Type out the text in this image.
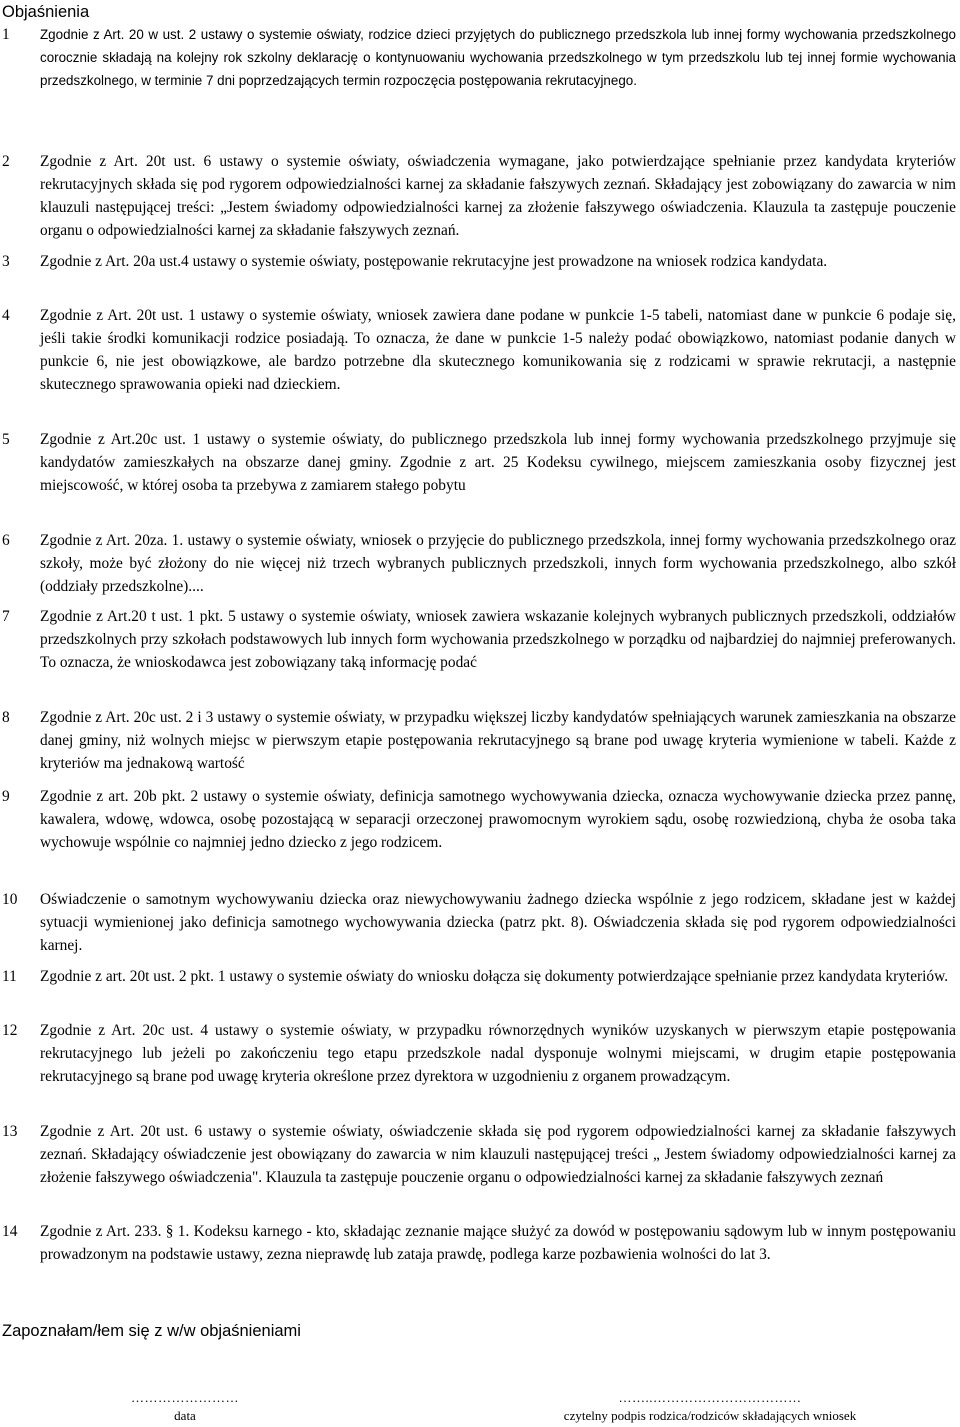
Objaśnienia
1	Zgodnie z Art. 20 w ust. 2 ustawy o systemie oświaty, rodzice dzieci przyjętych do publicznego przedszkola lub innej formy wychowania przedszkolnego corocznie składają na kolejny rok szkolny deklarację o kontynuowaniu wychowania przedszkolnego w tym przedszkolu lub tej innej formie wychowania przedszkolnego, w terminie 7 dni poprzedzających termin rozpoczęcia postępowania rekrutacyjnego.

2	Zgodnie z Art. 20t ust. 6 ustawy o systemie oświaty, oświadczenia wymagane, jako potwierdzające spełnianie przez kandydata kryteriów rekrutacyjnych składa się pod rygorem odpowiedzialności karnej za składanie fałszywych zeznań. Składający jest zobowiązany do zawarcia w nim klauzuli następującej treści: „Jestem świadomy odpowiedzialności karnej za złożenie fałszywego oświadczenia. Klauzula ta zastępuje pouczenie organu o odpowiedzialności karnej za składanie fałszywych zeznań.

3	Zgodnie z Art. 20a ust.4 ustawy o systemie oświaty, postępowanie rekrutacyjne jest prowadzone na wniosek rodzica kandydata.

4	Zgodnie z Art. 20t ust. 1 ustawy o systemie oświaty, wniosek zawiera dane podane w punkcie 1-5 tabeli, natomiast dane w punkcie 6 podaje się, jeśli takie środki komunikacji rodzice posiadają. To oznacza, że dane w punkcie 1-5 należy podać obowiązkowo, natomiast podanie danych w punkcie 6, nie jest obowiązkowe, ale bardzo potrzebne dla skutecznego komunikowania się z rodzicami w sprawie rekrutacji, a następnie skutecznego sprawowania opieki nad dzieckiem.

5	Zgodnie z Art.20c ust. 1 ustawy o systemie oświaty, do publicznego przedszkola lub innej formy wychowania przedszkolnego przyjmuje się kandydatów zamieszkałych na obszarze danej gminy. Zgodnie z art. 25 Kodeksu cywilnego, miejscem zamieszkania osoby fizycznej jest miejscowość, w której osoba ta przebywa z zamiarem stałego pobytu

6	Zgodnie z Art. 20za. 1. ustawy o systemie oświaty, wniosek o przyjęcie do publicznego przedszkola, innej formy wychowania przedszkolnego oraz szkoły, może być złożony do nie więcej niż trzech wybranych publicznych przedszkoli, innych form wychowania przedszkolnego, albo szkół (oddziały przedszkolne)....

7	Zgodnie z Art.20 t ust. 1 pkt. 5 ustawy o systemie oświaty, wniosek zawiera wskazanie kolejnych wybranych publicznych przedszkoli, oddziałów przedszkolnych przy szkołach podstawowych lub innych form wychowania przedszkolnego w porządku od najbardziej do najmniej preferowanych. To oznacza, że wnioskodawca jest zobowiązany taką informację podać

8	Zgodnie z Art. 20c ust. 2 i 3 ustawy o systemie oświaty, w przypadku większej liczby kandydatów spełniających warunek zamieszkania na obszarze danej gminy, niż wolnych miejsc w pierwszym etapie postępowania rekrutacyjnego są brane pod uwagę kryteria wymienione w tabeli. Każde z kryteriów ma jednakową wartość

9	Zgodnie z art. 20b pkt. 2 ustawy o systemie oświaty, definicja samotnego wychowywania dziecka, oznacza wychowywanie dziecka przez pannę, kawalera, wdowę, wdowca, osobę pozostającą w separacji orzeczonej prawomocnym wyrokiem sądu, osobę rozwiedzioną, chyba że osoba taka wychowuje wspólnie co najmniej jedno dziecko z jego rodzicem.

10	Oświadczenie o samotnym wychowywaniu dziecka oraz niewychowywaniu żadnego dziecka wspólnie z jego rodzicem, składane jest w każdej sytuacji wymienionej jako definicja samotnego wychowywania dziecka (patrz pkt. 8). Oświadczenia składa się pod rygorem odpowiedzialności karnej.

11	Zgodnie z art. 20t ust. 2 pkt. 1 ustawy o systemie oświaty do wniosku dołącza się dokumenty potwierdzające spełnianie przez kandydata kryteriów.

12	Zgodnie z Art. 20c ust. 4 ustawy o systemie oświaty, w przypadku równorzędnych wyników uzyskanych w pierwszym etapie postępowania rekrutacyjnego lub jeżeli po zakończeniu tego etapu przedszkole nadal dysponuje wolnymi miejscami, w drugim etapie postępowania rekrutacyjnego są brane pod uwagę kryteria określone przez dyrektora w uzgodnieniu z organem prowadzącym.

13	Zgodnie z Art. 20t ust. 6 ustawy o systemie oświaty, oświadczenie składa się pod rygorem odpowiedzialności karnej za składanie fałszywych zeznań. Składający oświadczenie jest obowiązany do zawarcia w nim klauzuli następującej treści „ Jestem świadomy odpowiedzialności karnej za złożenie fałszywego oświadczenia". Klauzula ta zastępuje pouczenie organu o odpowiedzialności karnej za składanie fałszywych zeznań

14	Zgodnie z Art. 233. § 1. Kodeksu karnego - kto, składając zeznanie mające służyć za dowód w postępowaniu sądowym lub w innym postępowaniu prowadzonym na podstawie ustawy, zezna nieprawdę lub zataja prawdę, podlega karze pozbawienia wolności do lat 3.

Zapoznałam/łem się z w/w objaśnieniami
……………………
data
……..……………………………
czytelny podpis rodzica/rodziców składających wniosek
